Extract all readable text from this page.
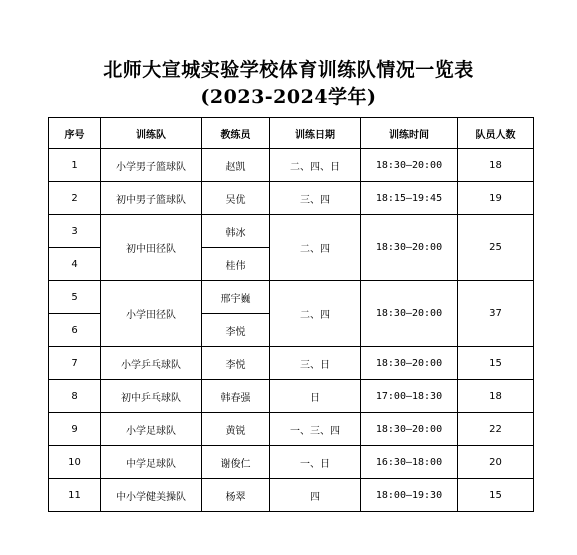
北师大宣城实验学校体育训练队情况一览表
(2023-2024学年)
序号	训练队	教练员	训练日期	训练时间	队员人数
1	小学男子篮球队	赵凯	二、四、日	18:30—20:00	18
2	初中男子篮球队	吴优	三、四	18:15—19:45	19
3	初中田径队	韩冰	二、四	18:30—20:00	25
4		桂伟			
5	小学田径队	邢宇巍	二、四	18:30—20:00	37
6		李悦			
7	小学乒乓球队	李悦	三、日	18:30—20:00	15
8	初中乒乓球队	韩春强	日	17:00—18:30	18
9	小学足球队	黄锐	一、三、四	18:30—20:00	22
10	中学足球队	谢俊仁	一、日	16:30—18:00	20
11	中小学健美操队	杨翠	四	18:00—19:30	15
